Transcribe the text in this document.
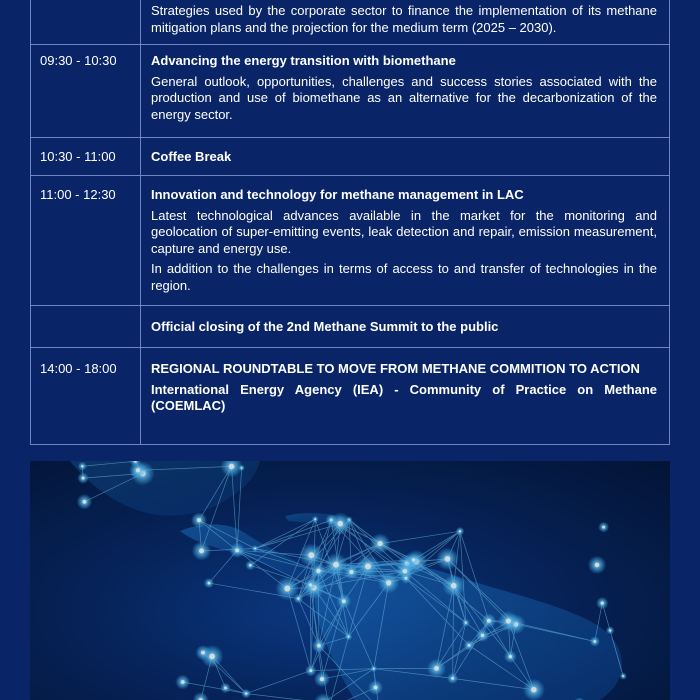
	Strategies used by the corporate sector to finance the implementation of its methane mitigation plans and the projection for the medium term (2025 – 2030).

09:30 - 10:30	Advancing the energy transition with biomethane
General outlook, opportunities, challenges and success stories associated with the production and use of biomethane as an alternative for the decarbonization of the energy sector.

10:30 - 11:00	Coffee Break

11:00 - 12:30	Innovation and technology for methane management in LAC
Latest technological advances available in the market for the monitoring and geolocation of super-emitting events, leak detection and repair, emission measurement, capture and energy use.
In addition to the challenges in terms of access to and transfer of technologies in the region.

	Official closing of the 2nd Methane Summit to the public

14:00 - 18:00	REGIONAL ROUNDTABLE TO MOVE FROM METHANE COMMITION TO ACTION
International Energy Agency (IEA) - Community of Practice on Methane (COEMLAC)
